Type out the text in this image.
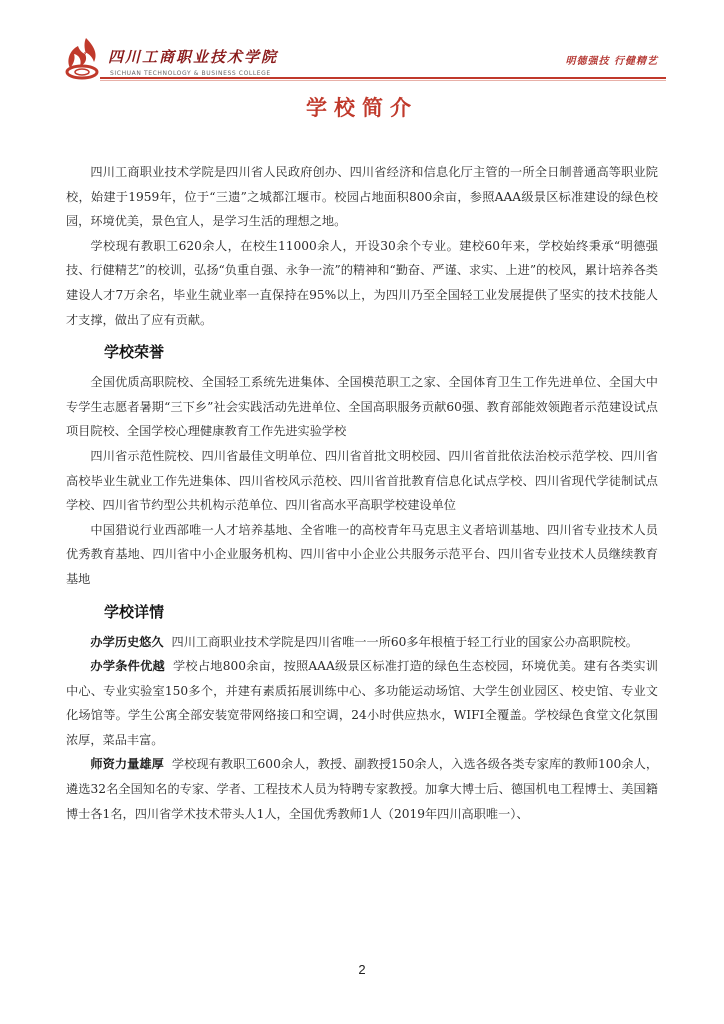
四川工商职业技术学院
SICHUAN TECHNOLOGY & BUSINESS COLLEGE
明德强技 行健精艺
学校简介

四川工商职业技术学院是四川省人民政府创办、四川省经济和信息化厅主管的一所全日制普通高等职业院校，始建于1959年，位于“三遗”之城都江堰市。校园占地面积800余亩，参照AAA级景区标准建设的绿色校园，环境优美，景色宜人，是学习生活的理想之地。

学校现有教职工620余人，在校生11000余人，开设30余个专业。建校60年来，学校始终秉承“明德强技、行健精艺”的校训，弘扬“负重自强、永争一流”的精神和“勤奋、严谨、求实、上进”的校风，累计培养各类建设人才7万余名，毕业生就业率一直保持在95%以上，为四川乃至全国轻工业发展提供了坚实的技术技能人才支撑，做出了应有贡献。

学校荣誉

全国优质高职院校、全国轻工系统先进集体、全国模范职工之家、全国体育卫生工作先进单位、全国大中专学生志愿者暑期“三下乡”社会实践活动先进单位、全国高职服务贡献60强、教育部能效领跑者示范建设试点项目院校、全国学校心理健康教育工作先进实验学校

四川省示范性院校、四川省最佳文明单位、四川省首批文明校园、四川省首批依法治校示范学校、四川省高校毕业生就业工作先进集体、四川省校风示范校、四川省首批教育信息化试点学校、四川省现代学徒制试点学校、四川省节约型公共机构示范单位、四川省高水平高职学校建设单位

中国猎说行业西部唯一人才培养基地、全省唯一的高校青年马克思主义者培训基地、四川省专业技术人员优秀教育基地、四川省中小企业服务机构、四川省中小企业公共服务示范平台、四川省专业技术人员继续教育基地

学校详情

办学历史悠久 四川工商职业技术学院是四川省唯一一所60多年根植于轻工行业的国家公办高职院校。

办学条件优越 学校占地800余亩，按照AAA级景区标准打造的绿色生态校园，环境优美。建有各类实训中心、专业实验室150多个，并建有素质拓展训练中心、多功能运动场馆、大学生创业园区、校史馆、专业文化场馆等。学生公寓全部安装宽带网络接口和空调，24小时供应热水，WIFI全覆盖。学校绿色食堂文化氛围浓厚，菜品丰富。

师资力量雄厚 学校现有教职工600余人，教授、副教授150余人，入选各级各类专家库的教师100余人，遴选32名全国知名的专家、学者、工程技术人员为特聘专家教授。加拿大博士后、德国机电工程博士、美国籍博士各1名，四川省学术技术带头人1人，全国优秀教师1人（2019年四川高职唯一）、

2
